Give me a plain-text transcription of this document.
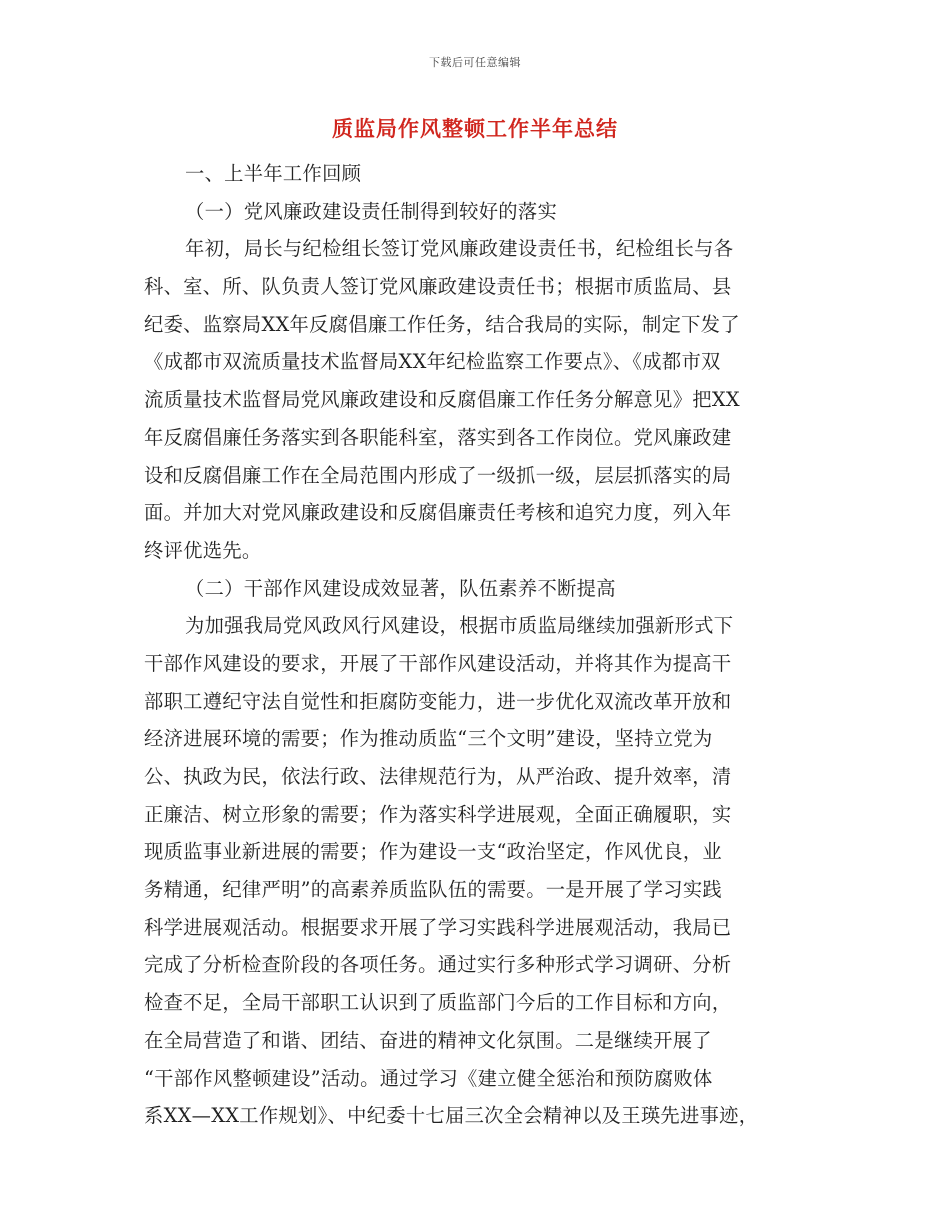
下载后可任意编辑
质监局作风整顿工作半年总结
一、上半年工作回顾
（一）党风廉政建设责任制得到较好的落实
年初，局长与纪检组长签订党风廉政建设责任书，纪检组长与各
科、室、所、队负责人签订党风廉政建设责任书；根据市质监局、县
纪委、监察局XX年反腐倡廉工作任务，结合我局的实际，制定下发了
《成都市双流质量技术监督局XX年纪检监察工作要点》、《成都市双
流质量技术监督局党风廉政建设和反腐倡廉工作任务分解意见》把XX
年反腐倡廉任务落实到各职能科室，落实到各工作岗位。党风廉政建
设和反腐倡廉工作在全局范围内形成了一级抓一级，层层抓落实的局
面。并加大对党风廉政建设和反腐倡廉责任考核和追究力度，列入年
终评优选先。
（二）干部作风建设成效显著，队伍素养不断提高
为加强我局党风政风行风建设，根据市质监局继续加强新形式下
干部作风建设的要求，开展了干部作风建设活动，并将其作为提高干
部职工遵纪守法自觉性和拒腐防变能力，进一步优化双流改革开放和
经济进展环境的需要；作为推动质监“三个文明”建设，坚持立党为
公、执政为民，依法行政、法律规范行为，从严治政、提升效率，清
正廉洁、树立形象的需要；作为落实科学进展观，全面正确履职，实
现质监事业新进展的需要；作为建设一支“政治坚定，作风优良，业
务精通，纪律严明”的高素养质监队伍的需要。一是开展了学习实践
科学进展观活动。根据要求开展了学习实践科学进展观活动，我局已
完成了分析检查阶段的各项任务。通过实行多种形式学习调研、分析
检查不足，全局干部职工认识到了质监部门今后的工作目标和方向，
在全局营造了和谐、团结、奋进的精神文化氛围。二是继续开展了
“干部作风整顿建设”活动。通过学习《建立健全惩治和预防腐败体
系XX—XX工作规划》、中纪委十七届三次全会精神以及王瑛先进事迹，
